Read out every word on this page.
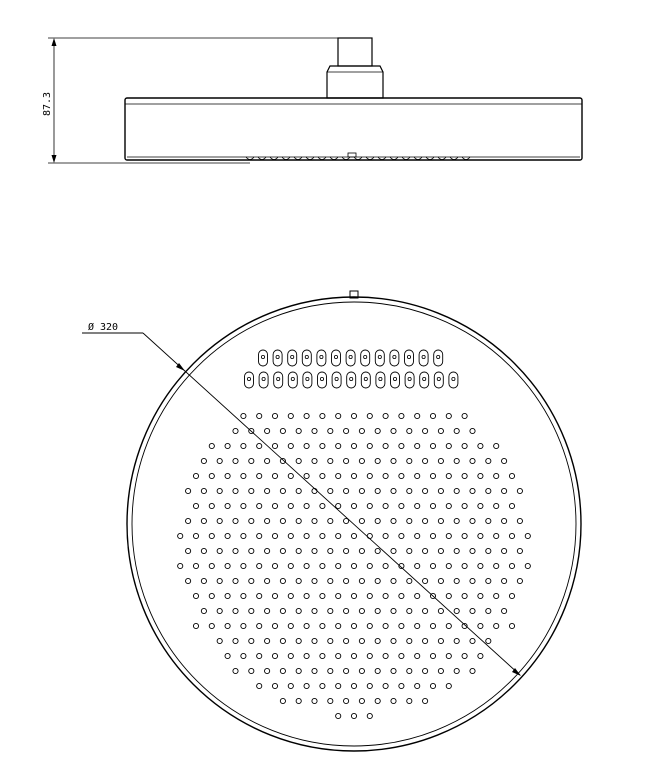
87.3
Ø 320
